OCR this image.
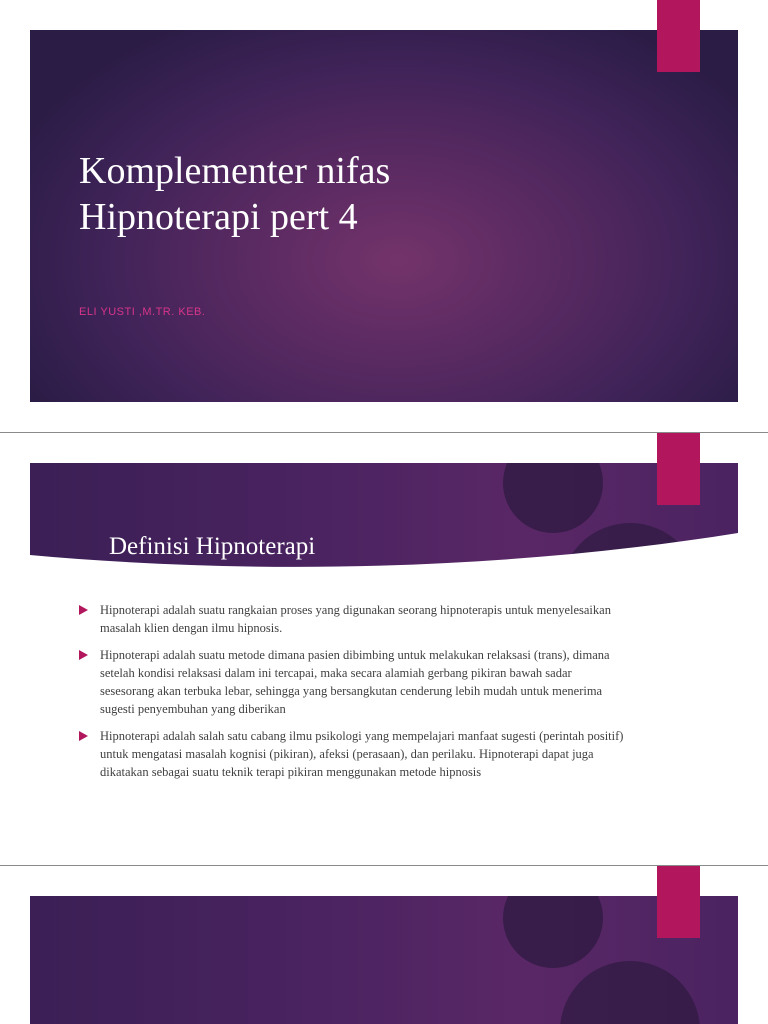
Komplementer nifas
Hipnoterapi pert 4
ELI YUSTI ,M.TR. KEB.
Definisi Hipnoterapi
Hipnoterapi adalah suatu rangkaian proses yang digunakan seorang hipnoterapis untuk menyelesaikan masalah klien dengan ilmu hipnosis.
Hipnoterapi adalah suatu metode dimana pasien dibimbing untuk melakukan relaksasi (trans), dimana setelah kondisi relaksasi dalam ini tercapai, maka secara alamiah gerbang pikiran bawah sadar sesesorang akan terbuka lebar, sehingga yang bersangkutan cenderung lebih mudah untuk menerima sugesti penyembuhan yang diberikan
Hipnoterapi adalah salah satu cabang ilmu psikologi yang mempelajari manfaat sugesti (perintah positif) untuk mengatasi masalah kognisi (pikiran), afeksi (perasaan), dan perilaku. Hipnoterapi dapat juga dikatakan sebagai suatu teknik terapi pikiran menggunakan metode hipnosis
